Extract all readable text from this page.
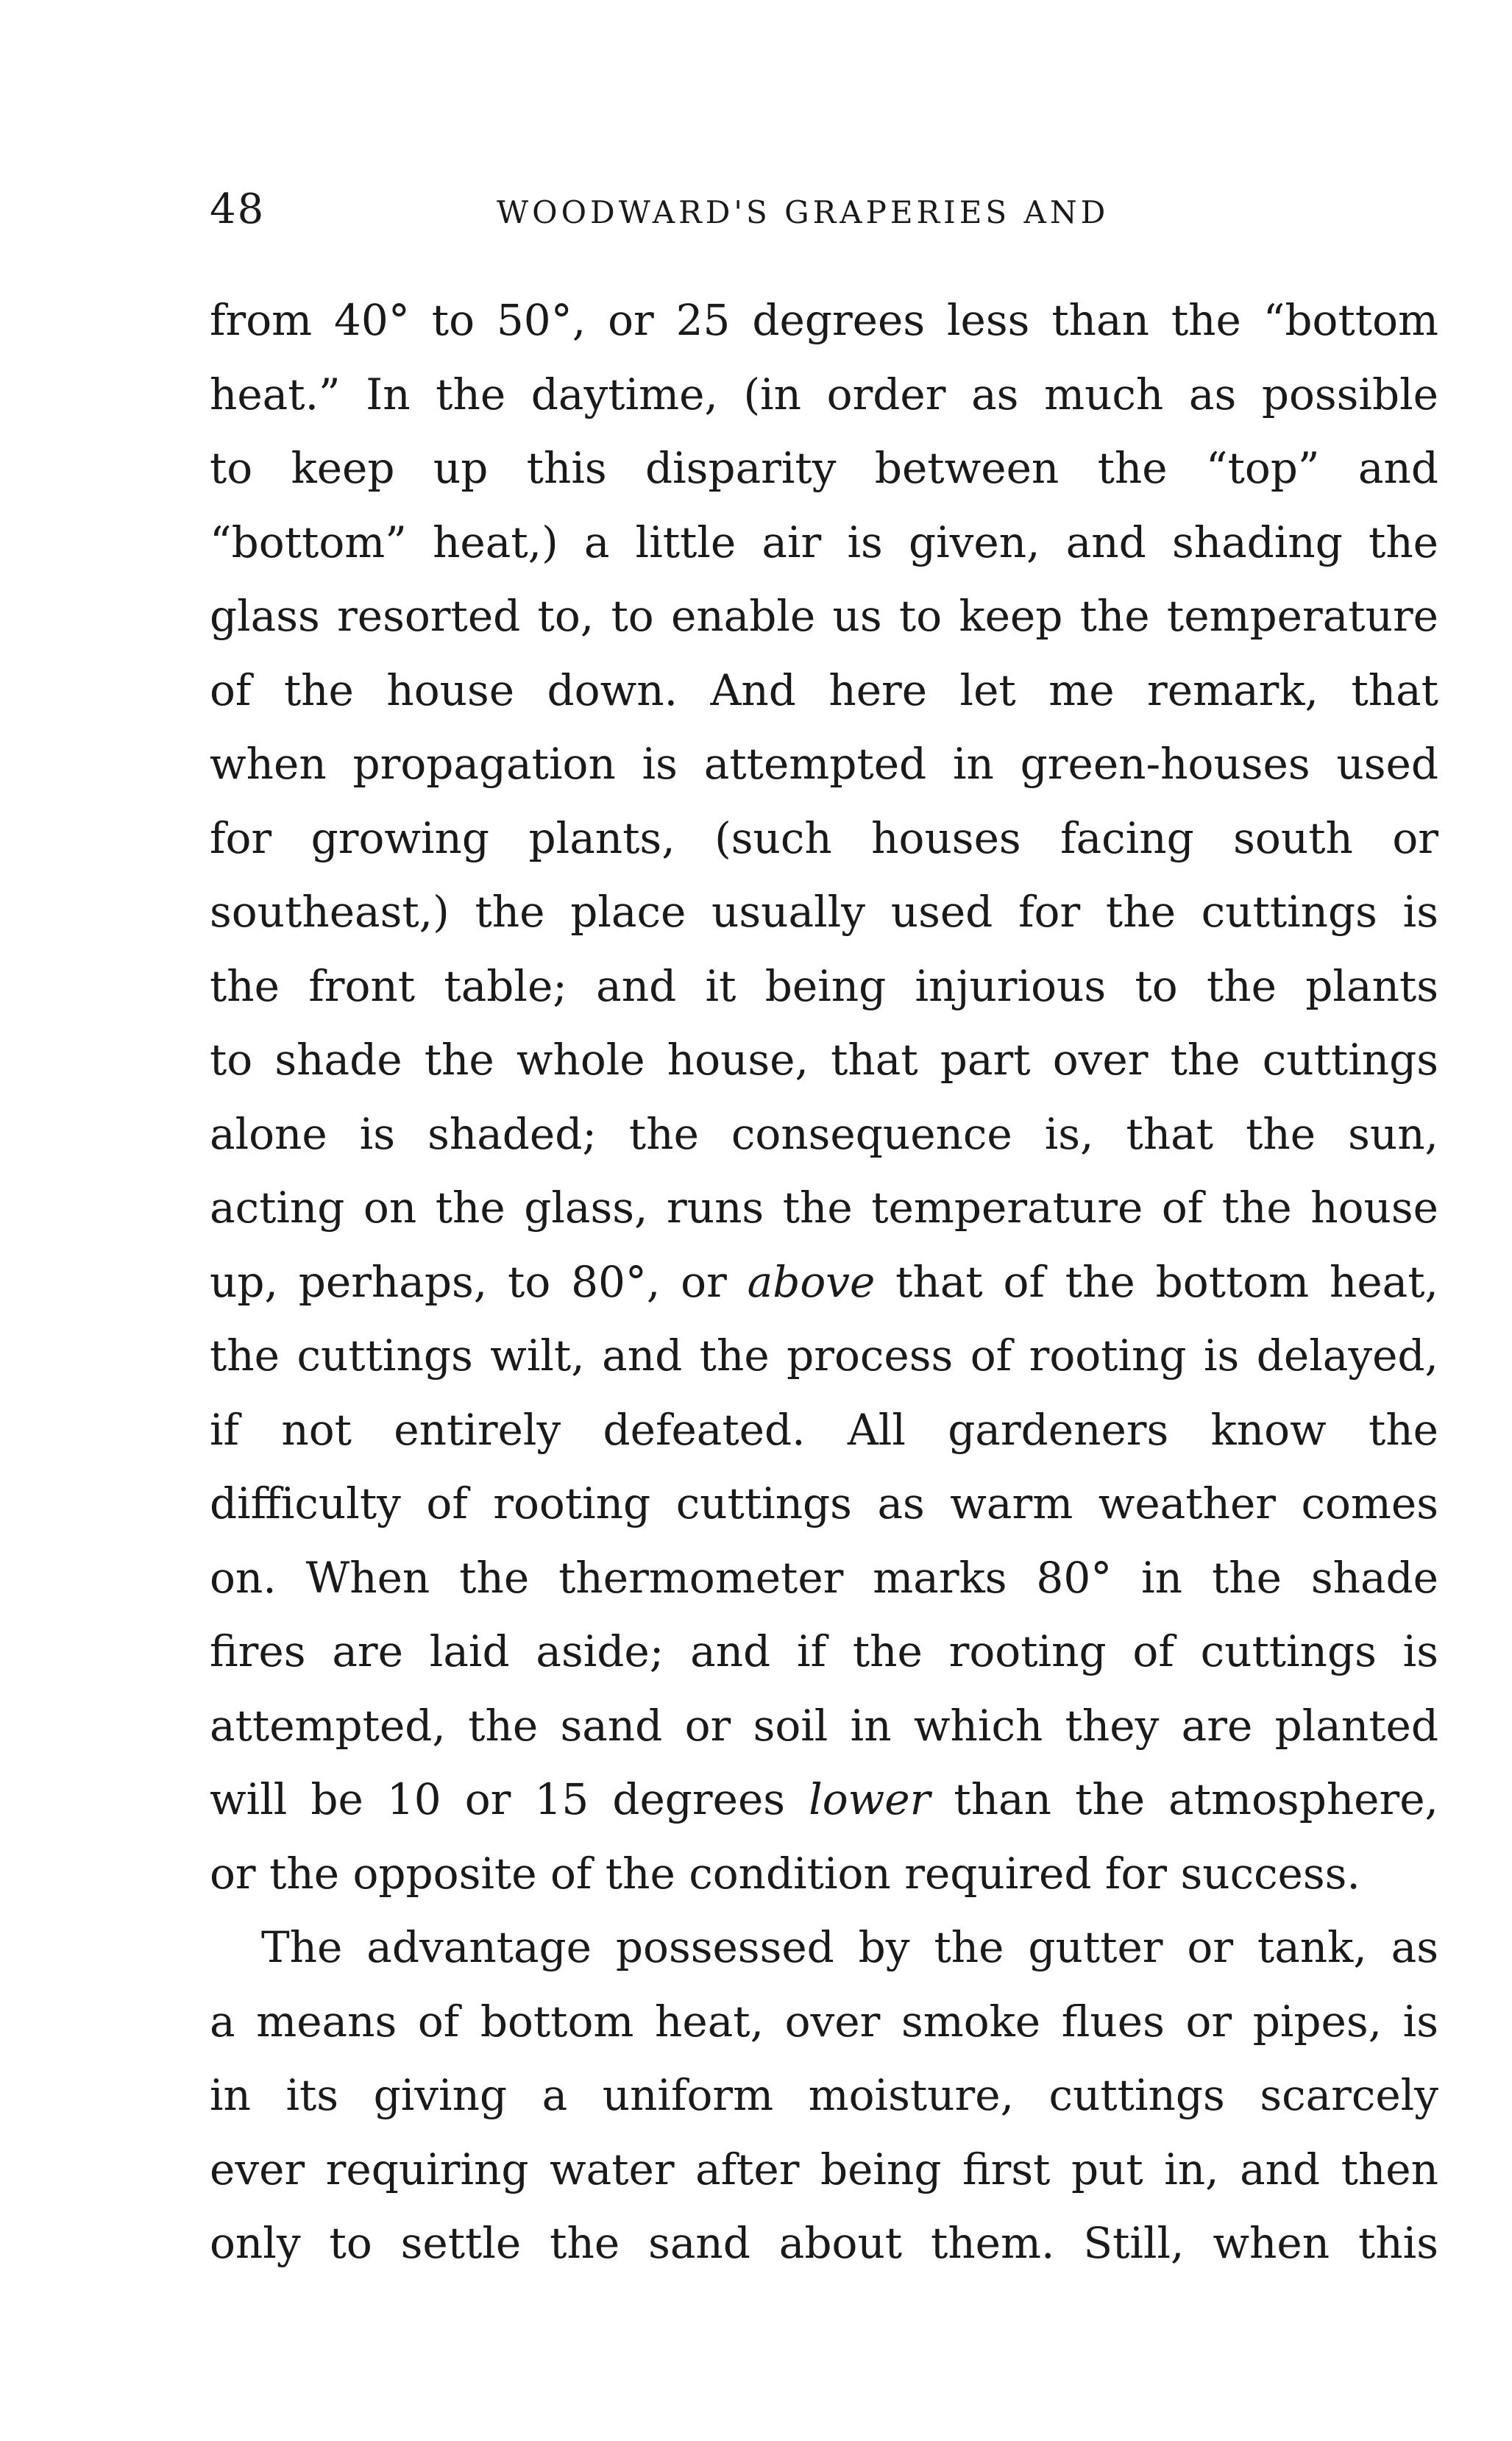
48	WOODWARD'S GRAPERIES AND
from 40° to 50°, or 25 degrees less than the “bottom
heat.” In the daytime, (in order as much as possible
to keep up this disparity between the “top” and
“bottom” heat,) a little air is given, and shading the
glass resorted to, to enable us to keep the temperature
of the house down. And here let me remark, that
when propagation is attempted in green-houses used
for growing plants, (such houses facing south or
southeast,) the place usually used for the cuttings is
the front table; and it being injurious to the plants
to shade the whole house, that part over the cuttings
alone is shaded; the consequence is, that the sun,
acting on the glass, runs the temperature of the house
up, perhaps, to 80°, or above that of the bottom heat,
the cuttings wilt, and the process of rooting is delayed,
if not entirely defeated. All gardeners know the
difficulty of rooting cuttings as warm weather comes
on. When the thermometer marks 80° in the shade
fires are laid aside; and if the rooting of cuttings is
attempted, the sand or soil in which they are planted
will be 10 or 15 degrees lower than the atmosphere,
or the opposite of the condition required for success.
The advantage possessed by the gutter or tank, as
a means of bottom heat, over smoke flues or pipes, is
in its giving a uniform moisture, cuttings scarcely
ever requiring water after being first put in, and then
only to settle the sand about them. Still, when this
